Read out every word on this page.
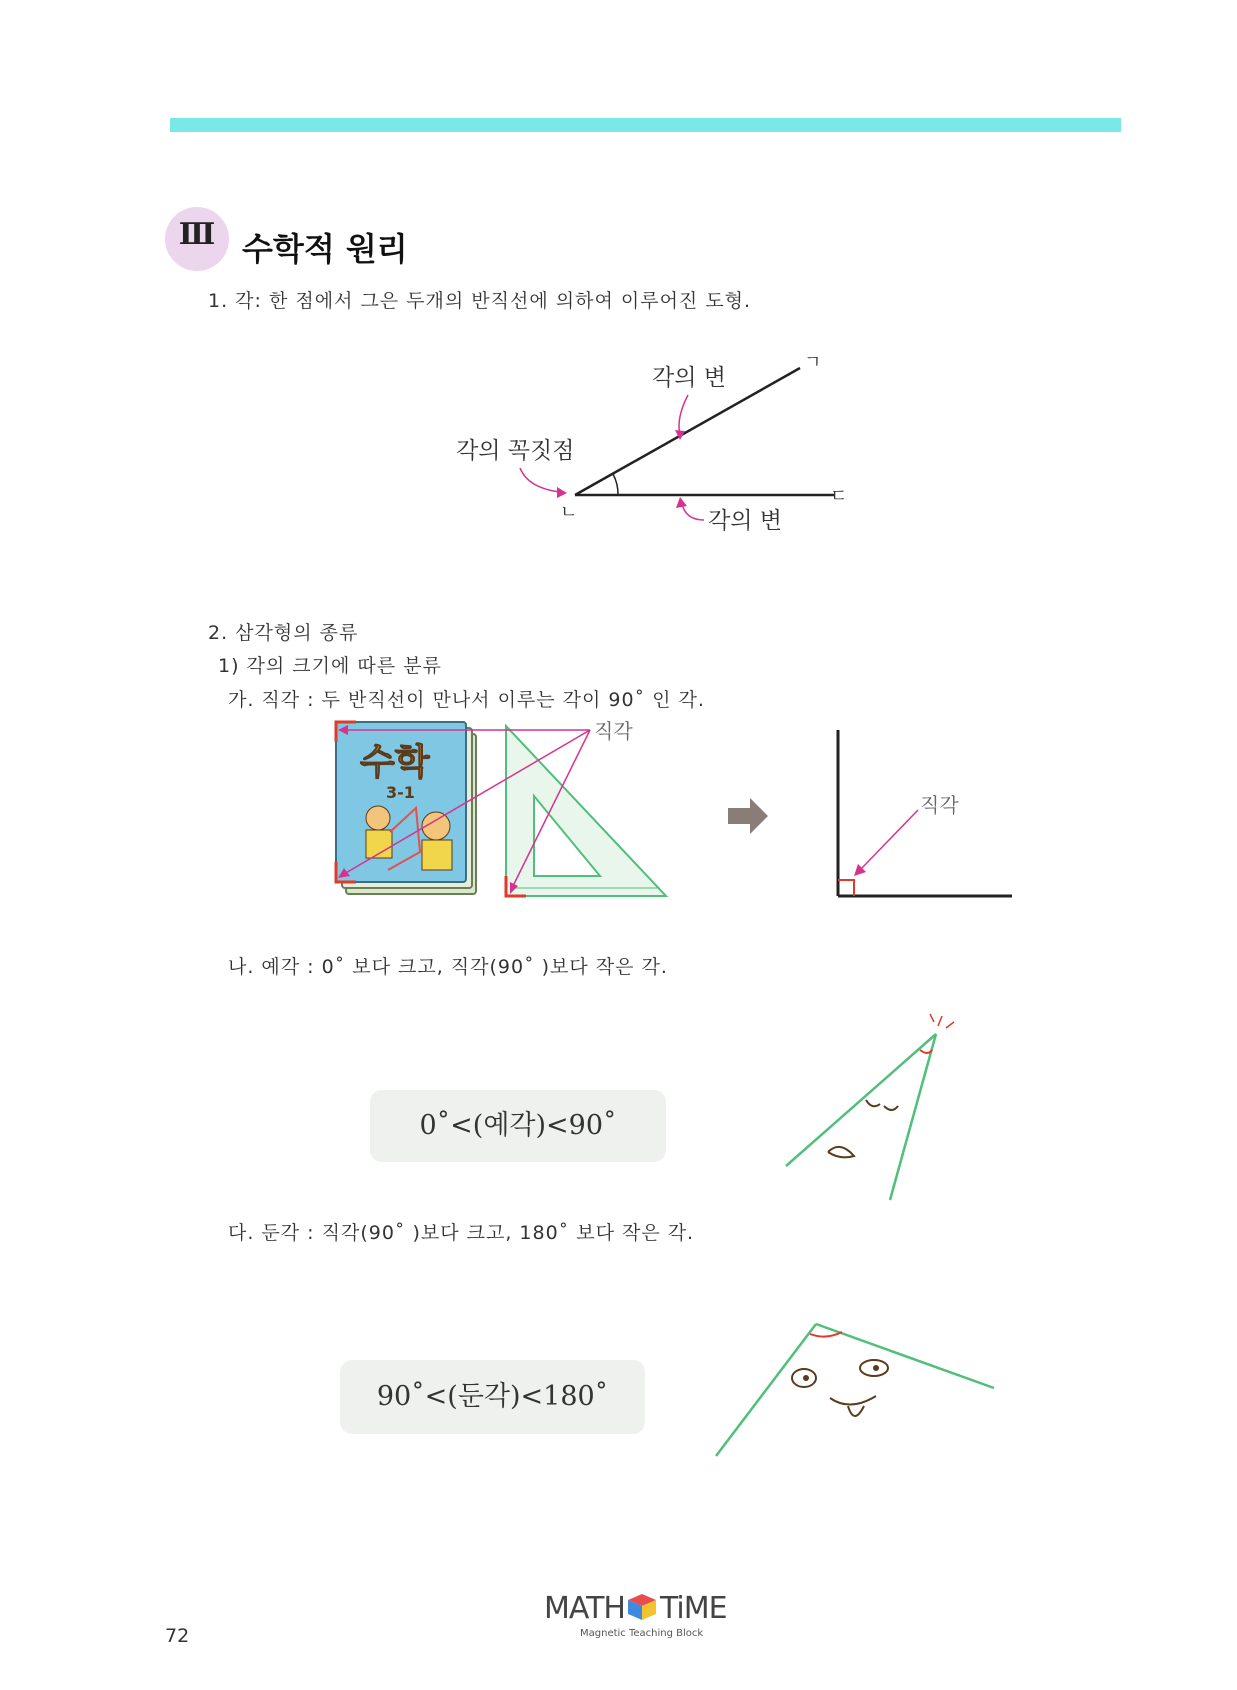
Ⅲ 수학적 원리
1. 각: 한 점에서 그은 두개의 반직선에 의하여 이루어진 도형.
ㄱ
ㄴ
ㄷ
각의 변
각의 꼭짓점
각의 변
2. 삼각형의 종류
1) 각의 크기에 따른 분류
가. 직각 : 두 반직선이 만나서 이루는 각이 90˚ 인 각.
수학
3-1
직각
직각
나. 예각 : 0˚ 보다 크고, 직각(90˚ )보다 작은 각.
0˚<(예각)<90˚
다. 둔각 : 직각(90˚ )보다 크고, 180˚ 보다 작은 각.
90˚<(둔각)<180˚
72
MATH TiME
Magnetic Teaching Block
